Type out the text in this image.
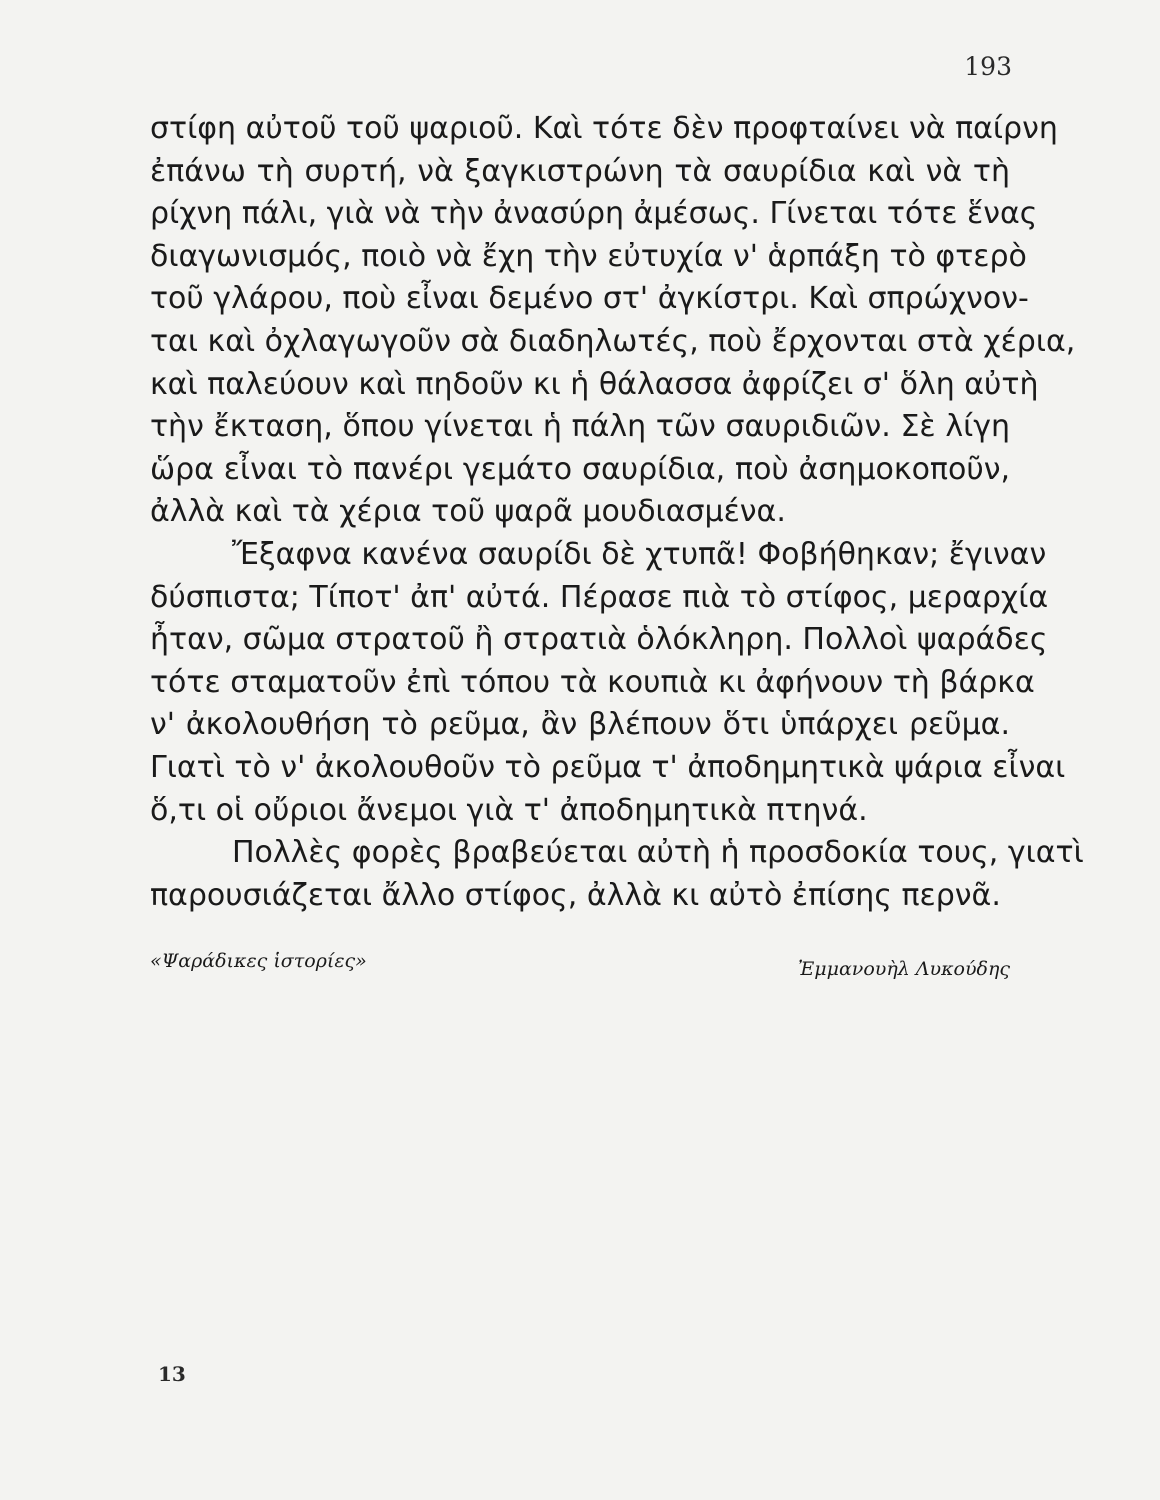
193
στίφη αὐτοῦ τοῦ ψαριοῦ. Καὶ τότε δὲν προφταίνει νὰ παίρνη
ἐπάνω τὴ συρτή, νὰ ξαγκιστρώνη τὰ σαυρίδια καὶ νὰ τὴ
ρίχνη πάλι, γιὰ νὰ τὴν ἀνασύρη ἀμέσως. Γίνεται τότε ἕνας
διαγωνισμός, ποιὸ νὰ ἔχη τὴν εὐτυχία ν' ἁρπάξη τὸ φτερὸ
τοῦ γλάρου, ποὺ εἶναι δεμένο στ' ἀγκίστρι. Καὶ σπρώχνον-
ται καὶ ὀχλαγωγοῦν σὰ διαδηλωτές, ποὺ ἔρχονται στὰ χέρια,
καὶ παλεύουν καὶ πηδοῦν κι ἡ θάλασσα ἀφρίζει σ' ὅλη αὐτὴ
τὴν ἔκταση, ὅπου γίνεται ἡ πάλη τῶν σαυριδιῶν. Σὲ λίγη
ὥρα εἶναι τὸ πανέρι γεμάτο σαυρίδια, ποὺ ἀσημοκοποῦν,
ἀλλὰ καὶ τὰ χέρια τοῦ ψαρᾶ μουδιασμένα.
Ἔξαφνα κανένα σαυρίδι δὲ χτυπᾶ! Φοβήθηκαν; ἔγιναν
δύσπιστα; Τίποτ' ἀπ' αὐτά. Πέρασε πιὰ τὸ στίφος, μεραρχία
ἦταν, σῶμα στρατοῦ ἢ στρατιὰ ὁλόκληρη. Πολλοὶ ψαράδες
τότε σταματοῦν ἐπὶ τόπου τὰ κουπιὰ κι ἀφήνουν τὴ βάρκα
ν' ἀκολουθήση τὸ ρεῦμα, ἂν βλέπουν ὅτι ὑπάρχει ρεῦμα.
Γιατὶ τὸ ν' ἀκολουθοῦν τὸ ρεῦμα τ' ἀποδημητικὰ ψάρια εἶναι
ὅ,τι οἱ οὔριοι ἄνεμοι γιὰ τ' ἀποδημητικὰ πτηνά.
Πολλὲς φορὲς βραβεύεται αὐτὴ ἡ προσδοκία τους, γιατὶ
παρουσιάζεται ἄλλο στίφος, ἀλλὰ κι αὐτὸ ἐπίσης περνᾶ.
«Ψαράδικες ἱστορίες»	Ἐμμανουὴλ Λυκούδης
13
